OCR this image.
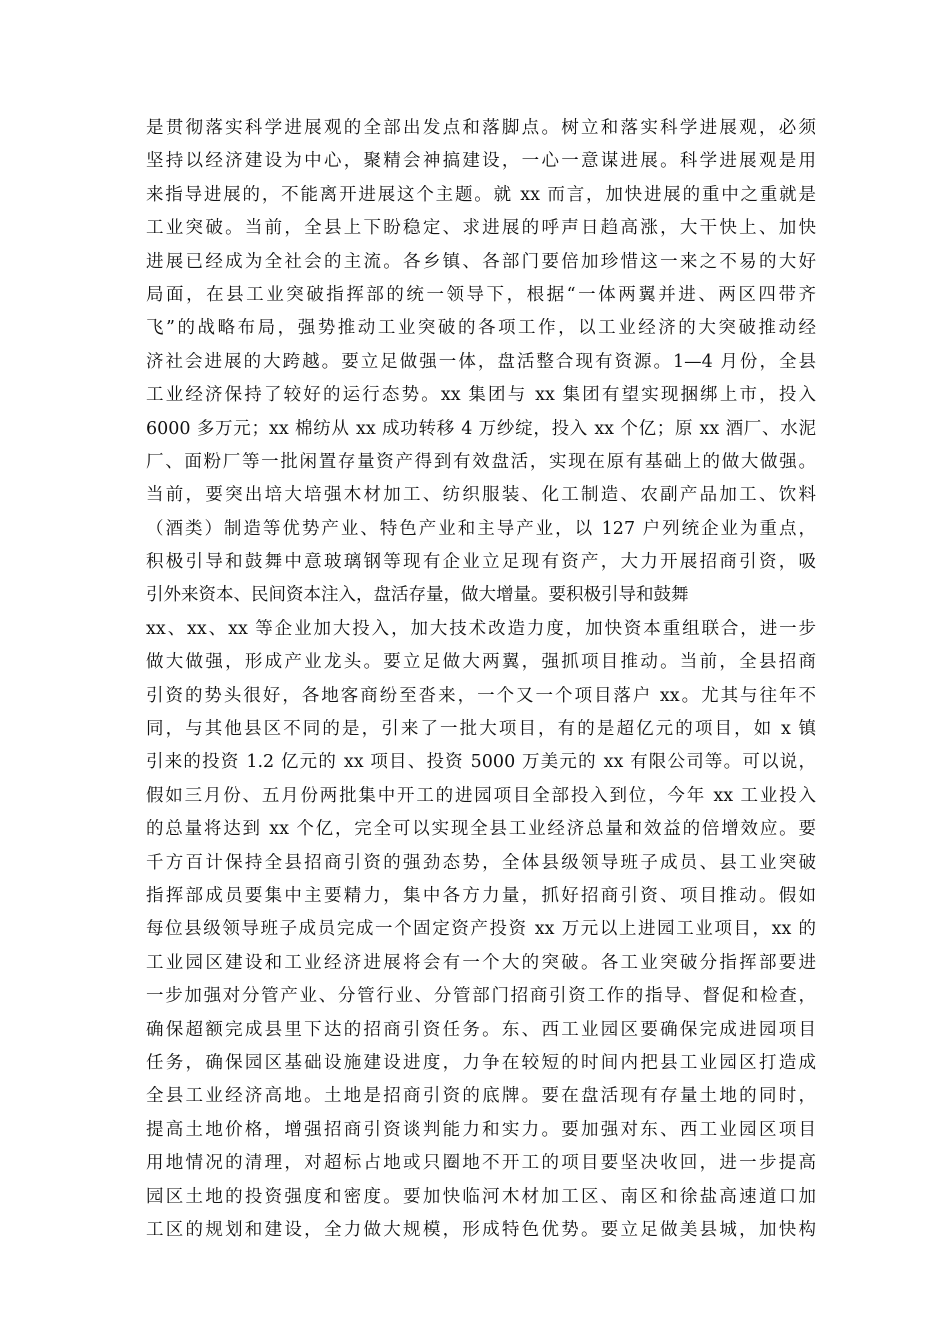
是贯彻落实科学进展观的全部出发点和落脚点。树立和落实科学进展观，必须
坚持以经济建设为中心，聚精会神搞建设，一心一意谋进展。科学进展观是用
来指导进展的，不能离开进展这个主题。就 xx 而言，加快进展的重中之重就是
工业突破。当前，全县上下盼稳定、求进展的呼声日趋高涨，大干快上、加快
进展已经成为全社会的主流。各乡镇、各部门要倍加珍惜这一来之不易的大好
局面，在县工业突破指挥部的统一领导下，根据“一体两翼并进、两区四带齐
飞”的战略布局，强势推动工业突破的各项工作，以工业经济的大突破推动经
济社会进展的大跨越。要立足做强一体，盘活整合现有资源。1—4 月份，全县
工业经济保持了较好的运行态势。xx 集团与 xx 集团有望实现捆绑上市，投入
6000 多万元；xx 棉纺从 xx 成功转移 4 万纱绽，投入 xx 个亿；原 xx 酒厂、水泥
厂、面粉厂等一批闲置存量资产得到有效盘活，实现在原有基础上的做大做强。
当前，要突出培大培强木材加工、纺织服装、化工制造、农副产品加工、饮料
（酒类）制造等优势产业、特色产业和主导产业，以 127 户列统企业为重点，
积极引导和鼓舞中意玻璃钢等现有企业立足现有资产，大力开展招商引资，吸
引外来资本、民间资本注入，盘活存量，做大增量。要积极引导和鼓舞
xx、xx、xx 等企业加大投入，加大技术改造力度，加快资本重组联合，进一步
做大做强，形成产业龙头。要立足做大两翼，强抓项目推动。当前，全县招商
引资的势头很好，各地客商纷至沓来，一个又一个项目落户 xx。尤其与往年不
同，与其他县区不同的是，引来了一批大项目，有的是超亿元的项目，如 x 镇
引来的投资 1.2 亿元的 xx 项目、投资 5000 万美元的 xx 有限公司等。可以说，
假如三月份、五月份两批集中开工的进园项目全部投入到位，今年 xx 工业投入
的总量将达到 xx 个亿，完全可以实现全县工业经济总量和效益的倍增效应。要
千方百计保持全县招商引资的强劲态势，全体县级领导班子成员、县工业突破
指挥部成员要集中主要精力，集中各方力量，抓好招商引资、项目推动。假如
每位县级领导班子成员完成一个固定资产投资 xx 万元以上进园工业项目，xx 的
工业园区建设和工业经济进展将会有一个大的突破。各工业突破分指挥部要进
一步加强对分管产业、分管行业、分管部门招商引资工作的指导、督促和检查，
确保超额完成县里下达的招商引资任务。东、西工业园区要确保完成进园项目
任务，确保园区基础设施建设进度，力争在较短的时间内把县工业园区打造成
全县工业经济高地。土地是招商引资的底牌。要在盘活现有存量土地的同时，
提高土地价格，增强招商引资谈判能力和实力。要加强对东、西工业园区项目
用地情况的清理，对超标占地或只圈地不开工的项目要坚决收回，进一步提高
园区土地的投资强度和密度。要加快临河木材加工区、南区和徐盐高速道口加
工区的规划和建设，全力做大规模，形成特色优势。要立足做美县城，加快构
